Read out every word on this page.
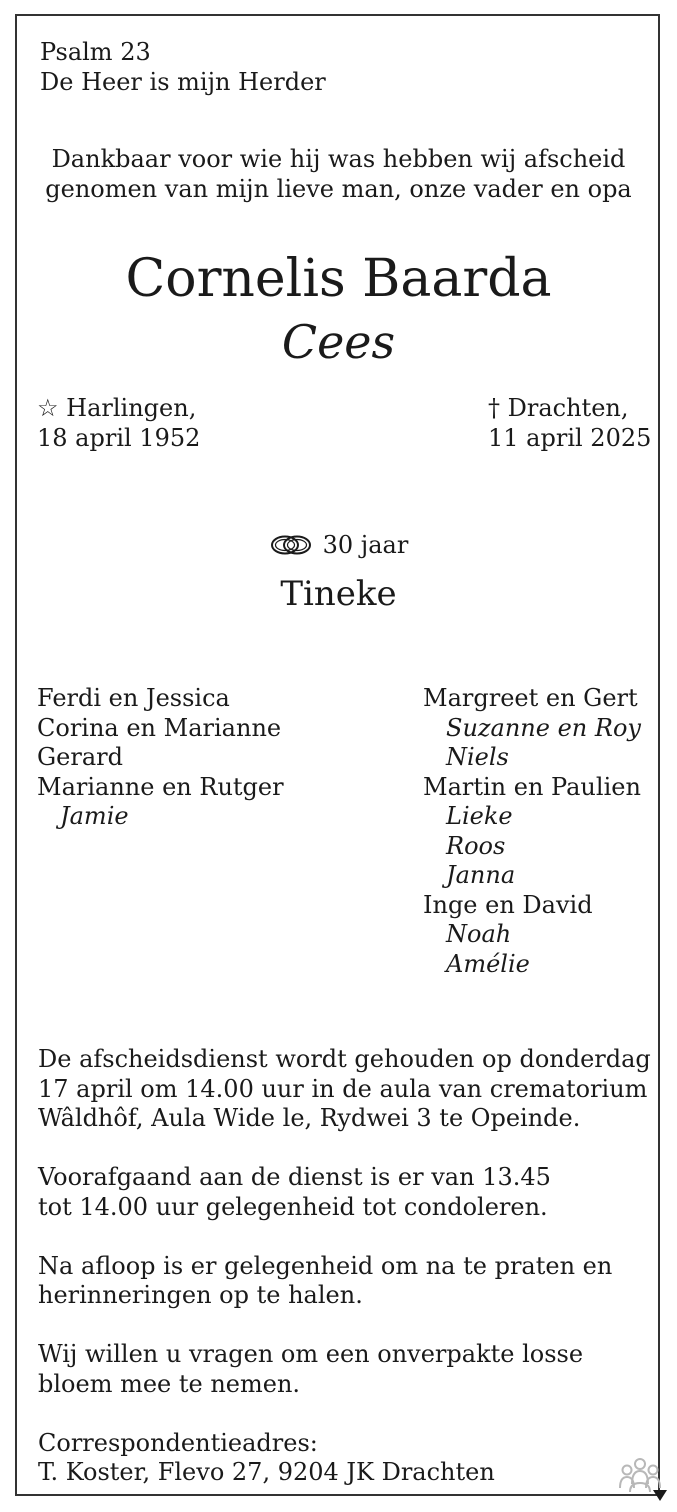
Psalm 23
De Heer is mijn Herder
Dankbaar voor wie hij was hebben wij afscheid
genomen van mijn lieve man, onze vader en opa
Cornelis Baarda
Cees
☆ Harlingen,
18 april 1952
† Drachten,
11 april 2025
30 jaar
Tineke
Ferdi en Jessica
Corina en Marianne
Gerard
Marianne en Rutger
Jamie
Margreet en Gert
Suzanne en Roy
Niels
Martin en Paulien
Lieke
Roos
Janna
Inge en David
Noah
Amélie
De afscheidsdienst wordt gehouden op donderdag
17 april om 14.00 uur in de aula van crematorium
Wâldhôf, Aula Wide le, Rydwei 3 te Opeinde.
Voorafgaand aan de dienst is er van 13.45
tot 14.00 uur gelegenheid tot condoleren.
Na afloop is er gelegenheid om na te praten en
herinneringen op te halen.
Wij willen u vragen om een onverpakte losse
bloem mee te nemen.
Correspondentieadres:
T. Koster, Flevo 27, 9204 JK Drachten
